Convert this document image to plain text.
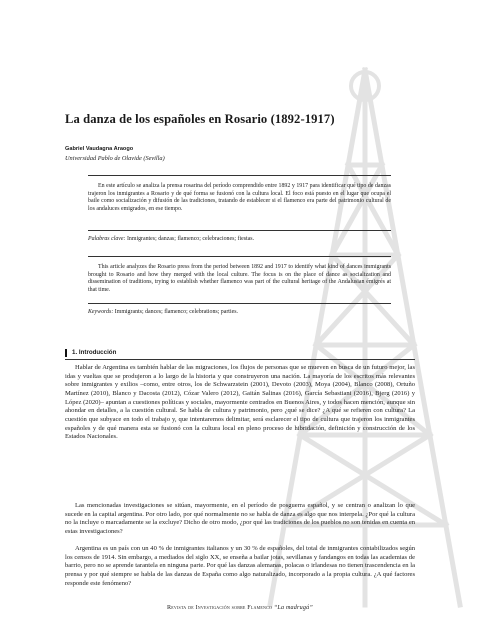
La danza de los españoles en Rosario (1892-1917)
Gabriel Vaudagna Araogo
Universidad Pablo de Olavide (Sevilla)

En este artículo se analiza la prensa rosarina del período comprendido entre 1892 y 1917 para identificar qué tipo de danzas trajeron los inmigrantes a Rosario y de qué forma se fusionó con la cultura local. El foco está puesto en el lugar que ocupa el baile como socialización y difusión de las tradiciones, tratando de establecer si el flamenco era parte del patrimonio cultural de los andaluces emigrados, en ese tiempo.

Palabras clave: Inmigrantes; danzas; flamenco; celebraciones; fiestas.

This article analyzes the Rosario press from the period between 1892 and 1917 to identify what kind of dances immigrants brought to Rosario and how they merged with the local culture. The focus is on the place of dance as socialization and dissemination of traditions, trying to establish whether flamenco was part of the cultural heritage of the Andalusian émigrés at that time.

Keywords: Immigrants; dances; flamenco; celebrations; parties.

1. Introducción

Hablar de Argentina es también hablar de las migraciones, los flujos de personas que se mueven en busca de un futuro mejor, las idas y vueltas que se produjeron a lo largo de la historia y que construyeron una nación. La mayoría de los escritos más relevantes sobre inmigrantes y exilios –como, entre otros, los de Schwarzstein (2001), Devoto (2003), Moya (2004), Blanco (2008), Ortuño Martínez (2010), Blanco y Dacosta (2012), Cózar Valero (2012), Gaitán Salinas (2016), García Sebastiani (2016), Bjerg (2016) y López (2020)– apuntan a cuestiones políticas y sociales, mayormente centrados en Buenos Aires, y todos hacen mención, aunque sin ahondar en detalles, a la cuestión cultural. Se habla de cultura y patrimonio, pero ¿qué se dice? ¿A qué se refieren con cultura? La cuestión que subyace en todo el trabajo y, que intentaremos delimitar, será esclarecer el tipo de cultura que trajeron los inmigrantes españoles y de qué manera esta se fusionó con la cultura local en pleno proceso de hibridación, definición y construcción de los Estados Nacionales.

Las mencionadas investigaciones se sitúan, mayormente, en el período de posguerra español, y se centran o analizan lo que sucede en la capital argentina. Por otro lado, por qué normalmente no se habla de danza es algo que nos interpela. ¿Por qué la cultura no la incluye o marcadamente se la excluye? Dicho de otro modo, ¿por qué las tradiciones de los pueblos no son tenidas en cuenta en estas investigaciones?

Argentina es un país con un 40 % de inmigrantes italianos y un 30 % de españoles, del total de inmigrantes contabilizados según los censos de 1914. Sin embargo, a mediados del siglo XX, se enseña a bailar jotas, sevillanas y fandangos en todas las academias de barrio, pero no se aprende tarantela en ninguna parte. Por qué las danzas alemanas, polacas o irlandesas no tienen trascendencia en la prensa y por qué siempre se habla de las danzas de España como algo naturalizado, incorporado a la propia cultura. ¿A qué factores responde este fenómeno?

Revista de Investigación sobre Flamenco “La madrugá”
